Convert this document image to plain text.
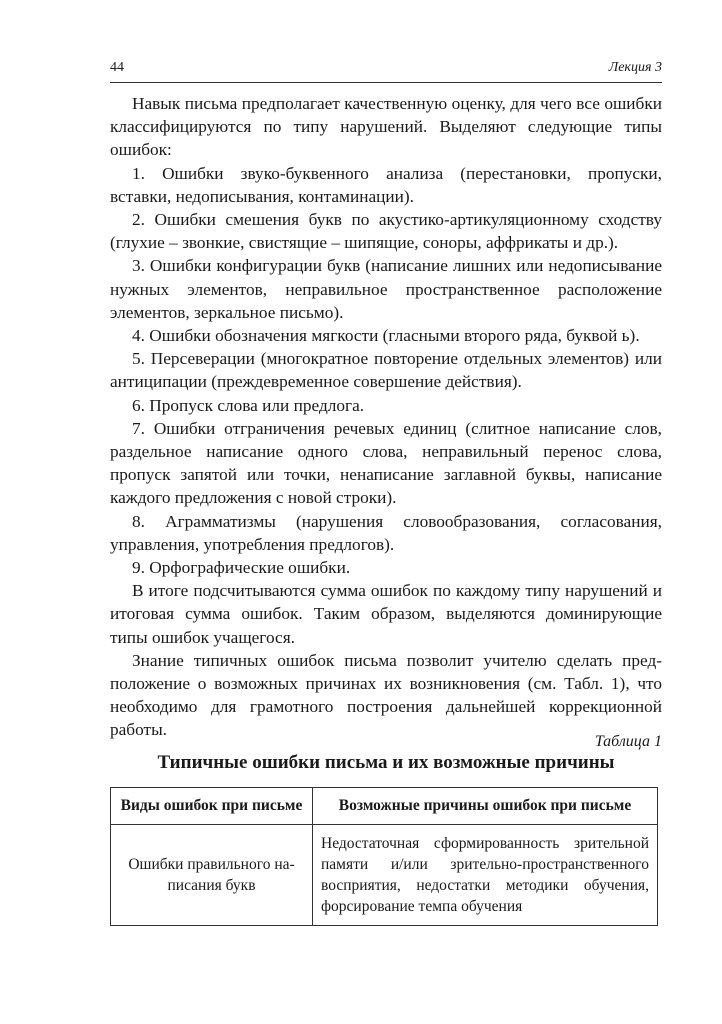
44	Лекция 3

Навык письма предполагает качественную оценку, для чего все ошибки классифицируются по типу нарушений. Выделяют следующие типы ошибок:

1. Ошибки звуко-буквенного анализа (перестановки, пропуски, вставки, недописывания, контаминации).

2. Ошибки смешения букв по акустико-артикуляционному сходству (глухие – звонкие, свистящие – шипящие, соноры, аффрикаты и др.).

3. Ошибки конфигурации букв (написание лишних или недописывание нужных элементов, неправильное пространственное расположение элементов, зеркальное письмо).

4. Ошибки обозначения мягкости (гласными второго ряда, буквой ь).

5. Персеверации (многократное повторение отдельных элементов) или антиципации (преждевременное совершение действия).

6. Пропуск слова или предлога.

7. Ошибки отграничения речевых единиц (слитное написание слов, раздельное написание одного слова, неправильный перенос слова, пропуск запятой или точки, ненаписание заглавной буквы, написание каждого предложения с новой строки).

8. Аграмматизмы (нарушения словообразования, согласования, управления, употребления предлогов).

9. Орфографические ошибки.

В итоге подсчитываются сумма ошибок по каждому типу нарушений и итоговая сумма ошибок. Таким образом, выделяются доминирующие типы ошибок учащегося.

Знание типичных ошибок письма позволит учителю сделать предположение о возможных причинах их возникновения (см. Табл. 1), что необходимо для грамотного построения дальнейшей коррекционной работы.

Таблица 1
Типичные ошибки письма и их возможные причины
Виды ошибок при письме	Возможные причины ошибок при письме
Ошибки правильного написания букв	Недостаточная сформированность зрительной памяти и/или зрительно-пространственного восприятия, недостатки методики обучения, форсирование темпа обучения
